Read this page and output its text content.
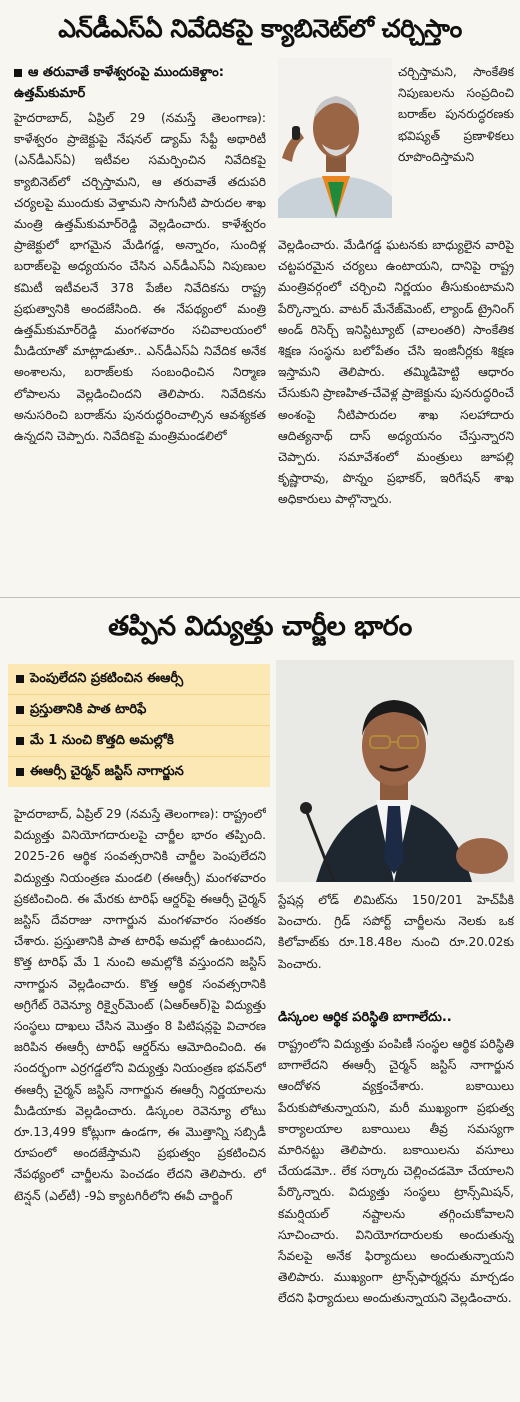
ఎన్‌డీఎస్‌ఏ నివేదికపై క్యాబినెట్‌లో చర్చిస్తాం
ఆ తరువాతే కాళేశ్వరంపై ముందుకెళ్దాం: ఉత్తమ్‌కుమార్

హైదరాబాద్, ఏప్రిల్ 29 (నమస్తే తెలంగాణ): కాళేశ్వరం ప్రాజెక్టుపై నేషనల్ డ్యామ్ సేఫ్టీ అథారిటీ (ఎన్‌డీఎస్‌ఏ) ఇటీవల సమర్పించిన నివేదికపై క్యాబినెట్‌లో చర్చిస్తామని, ఆ తరువాతే తదుపరి చర్యలపై ముందుకు వెళ్తామని సాగునీటి పారుదల శాఖ మంత్రి ఉత్తమ్‌కుమార్‌రెడ్డి వెల్లడించారు. కాళేశ్వరం ప్రాజెక్టులో భాగమైన మేడిగడ్డ, అన్నారం, సుందిళ్ల బరాజ్‌లపై అధ్యయనం చేసిన ఎన్‌డీఎస్‌ఏ నిపుణుల కమిటీ ఇటీవలనే 378 పేజీల నివేదికను రాష్ట్ర ప్రభుత్వానికి అందజేసింది. ఈ నేపథ్యంలో మంత్రి ఉత్తమ్‌కుమార్‌రెడ్డి మంగళవారం సచివాలయంలో మీడియాతో మాట్లాడుతూ.. ఎన్‌డీఎస్‌ఏ నివేదిక అనేక అంశాలను, బరాజ్‌లకు సంబంధించిన నిర్మాణ లోపాలను వెల్లడించిందని తెలిపారు. నివేదికను అనుసరించి బరాజ్‌ను పునరుద్ధరించాల్సిన ఆవశ్యకత ఉన్నదని చెప్పారు. నివేదికపై మంత్రిమండలిలో

చర్చిస్తామని, సాంకేతిక నిపుణులను సంప్రదించి బరాజ్‌ల పునరుద్ధరణకు భవిష్యత్ ప్రణాళికలు రూపొందిస్తామని

వెల్లడించారు. మేడిగడ్డ ఘటనకు బాధ్యులైన వారిపై చట్టపరమైన చర్యలు ఉంటాయని, దానిపై రాష్ట్ర మంత్రివర్గంలో చర్చించి నిర్ణయం తీసుకుంటామని పేర్కొన్నారు. వాటర్ మేనేజ్‌మెంట్, ల్యాండ్ ట్రైనింగ్ అండ్ రిసెర్చ్ ఇనిస్టిట్యూట్ (వాలంతరి) సాంకేతిక శిక్షణ సంస్థను బలోపేతం చేసి ఇంజినీర్లకు శిక్షణ ఇస్తామని తెలిపారు. తమ్మిడిహెట్టి ఆధారం చేసుకుని ప్రాణహిత-చేవెళ్ల ప్రాజెక్టును పునరుద్ధరించే అంశంపై నీటిపారుదల శాఖ సలహాదారు ఆదిత్యనాథ్ దాస్ అధ్యయనం చేస్తున్నారని చెప్పారు. సమావేశంలో మంత్రులు జూపల్లి కృష్ణారావు, పొన్నం ప్రభాకర్, ఇరిగేషన్ శాఖ అధికారులు పాల్గొన్నారు.

తప్పిన విద్యుత్తు చార్జీల భారం
పెంపులేదని ప్రకటించిన ఈఆర్సీ
ప్రస్తుతానికి పాత టారిఫే
మే 1 నుంచి కొత్తది అమల్లోకి
ఈఆర్సీ చైర్మన్ జస్టిస్ నాగార్జున

హైదరాబాద్, ఏప్రిల్ 29 (నమస్తే తెలంగాణ): రాష్ట్రంలో విద్యుత్తు వినియోగదారులపై చార్జీల భారం తప్పింది. 2025-26 ఆర్థిక సంవత్సరానికి చార్జీల పెంపులేదని విద్యుత్తు నియంత్రణ మండలి (ఈఆర్సీ) మంగళవారం ప్రకటించింది. ఈ మేరకు టారిఫ్ ఆర్డర్‌పై ఈఆర్సీ చైర్మన్ జస్టిస్ దేవరాజు నాగార్జున మంగళవారం సంతకం చేశారు. ప్రస్తుతానికి పాత టారిఫే అమల్లో ఉంటుందని, కొత్త టారిఫ్ మే 1 నుంచి అమల్లోకి వస్తుందని జస్టిస్ నాగార్జున వెల్లడించారు. కొత్త ఆర్థిక సంవత్సరానికి అగ్రిగేట్ రెవెన్యూ రిక్వైర్‌మెంట్ (ఏఆర్‌ఆర్)పై విద్యుత్తు సంస్థలు దాఖలు చేసిన మొత్తం 8 పిటిషన్లపై విచారణ జరిపిన ఈఆర్సీ టారిఫ్ ఆర్డర్‌ను ఆమోదించింది. ఈ సందర్భంగా ఎర్రగడ్డలోని విద్యుత్తు నియంత్రణ భవన్‌లో ఈఆర్సీ చైర్మన్ జస్టిస్ నాగార్జున ఈఆర్సీ నిర్ణయాలను మీడియాకు వెల్లడించారు. డిస్కంల రెవెన్యూ లోటు రూ.13,499 కోట్లుగా ఉండగా, ఈ మొత్తాన్ని సబ్సిడీ రూపంలో అందజేస్తామని ప్రభుత్వం ప్రకటించిన నేపథ్యంలో చార్జీలను పెంచడం లేదని తెలిపారు. లో టెన్షన్ (ఎల్‌టీ) -9ఏ క్యాటగిరీలోని ఈవీ చార్జింగ్

స్టేషన్ల లోడ్ లిమిట్‌ను 150/201 హెచ్‌పీకి పెంచారు. గ్రిడ్ సపోర్ట్ చార్జీలను నెలకు ఒక కిలోవాట్‌కు రూ.18.48ల నుంచి రూ.20.02కు పెంచారు.

డిస్కంల ఆర్థిక పరిస్థితి బాగాలేదు..

రాష్ట్రంలోని విద్యుత్తు పంపిణీ సంస్థల ఆర్థిక పరిస్థితి బాగాలేదని ఈఆర్సీ చైర్మన్ జస్టిస్ నాగార్జున ఆందోళన వ్యక్తంచేశారు. బకాయిలు పేరుకుపోతున్నాయని, మరీ ముఖ్యంగా ప్రభుత్వ కార్యాలయాల బకాయిలు తీవ్ర సమస్యగా మారినట్టు తెలిపారు. బకాయిలను వసూలు చేయడమో.. లేక సర్కారు చెల్లించడమో చేయాలని పేర్కొన్నారు. విద్యుత్తు సంస్థలు ట్రాన్స్‌మిషన్, కమర్షియల్ నష్టాలను తగ్గించుకోవాలని సూచించారు. వినియోగదారులకు అందుతున్న సేవలపై అనేక ఫిర్యాదులు అందుతున్నాయని తెలిపారు. ముఖ్యంగా ట్రాన్స్‌ఫార్మర్లను మార్చడం లేదని ఫిర్యాదులు అందుతున్నాయని వెల్లడించారు.
